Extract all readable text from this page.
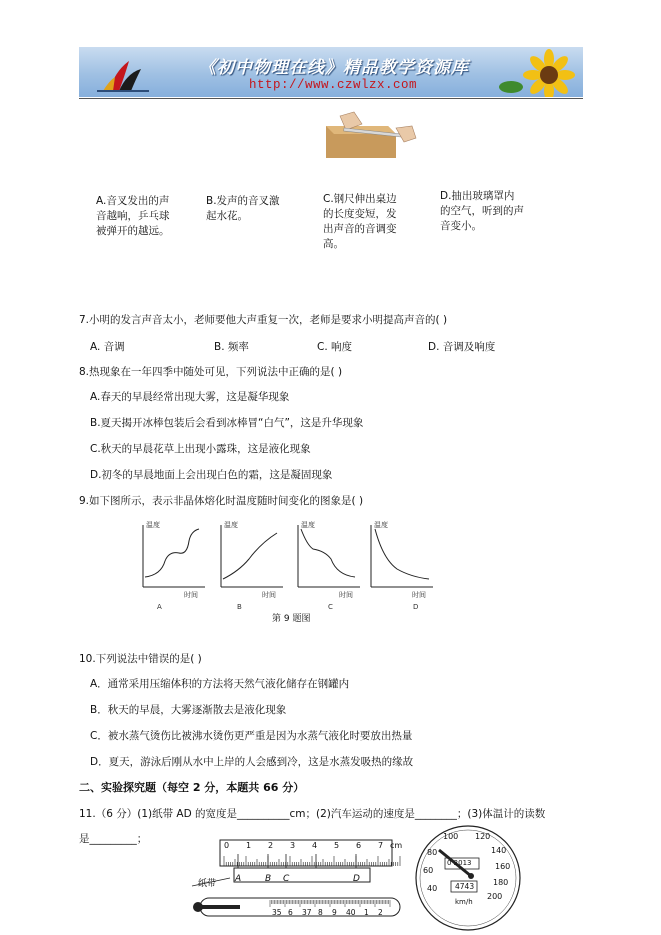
《初中物理在线》精品教学资源库
http://www.czwlzx.com
A.音叉发出的声音越响，乒乓球被弹开的越远。
B.发声的音叉激起水花。
C.钢尺伸出桌边的长度变短，发出声音的音调变高。
D.抽出玻璃罩内的空气，听到的声音变小。
7.小明的发言声音太小，老师要他大声重复一次，老师是要求小明提高声音的( )
A. 音调	B. 频率	C. 响度	D. 音调及响度
8.热现象在一年四季中随处可见，下列说法中正确的是( )
A.春天的早晨经常出现大雾，这是凝华现象
B.夏天揭开冰棒包装后会看到冰棒冒“白气”，这是升华现象
C.秋天的早晨花草上出现小露珠，这是液化现象
D.初冬的早晨地面上会出现白色的霜，这是凝固现象
9.如下图所示，表示非晶体熔化时温度随时间变化的图象是( )
温度	温度	温度	温度
时间	时间	时间	时间
A	B	C	D
第 9 题图
10.下列说法中错误的是( )
A．通常采用压缩体积的方法将天然气液化储存在钢罐内
B．秋天的早晨，大雾逐渐散去是液化现象
C．被水蒸气烫伤比被沸水烫伤更严重是因为水蒸气液化时要放出热量
D．夏天，游泳后刚从水中上岸的人会感到冷，这是水蒸发吸热的缘故
二、实验探究题（每空 2 分，本题共 66 分）
11.（6 分）(1)纸带 AD 的宽度是__________cm；(2)汽车运动的速度是________；(3)体温计的读数
是_________；
0 1 2 3 4 5 6 7 cm
纸带 A	B C	D
35 6 37 8 9 40 1 2
40
60
80
100 120
140
160
180
200
0 2013
4743
km/h
